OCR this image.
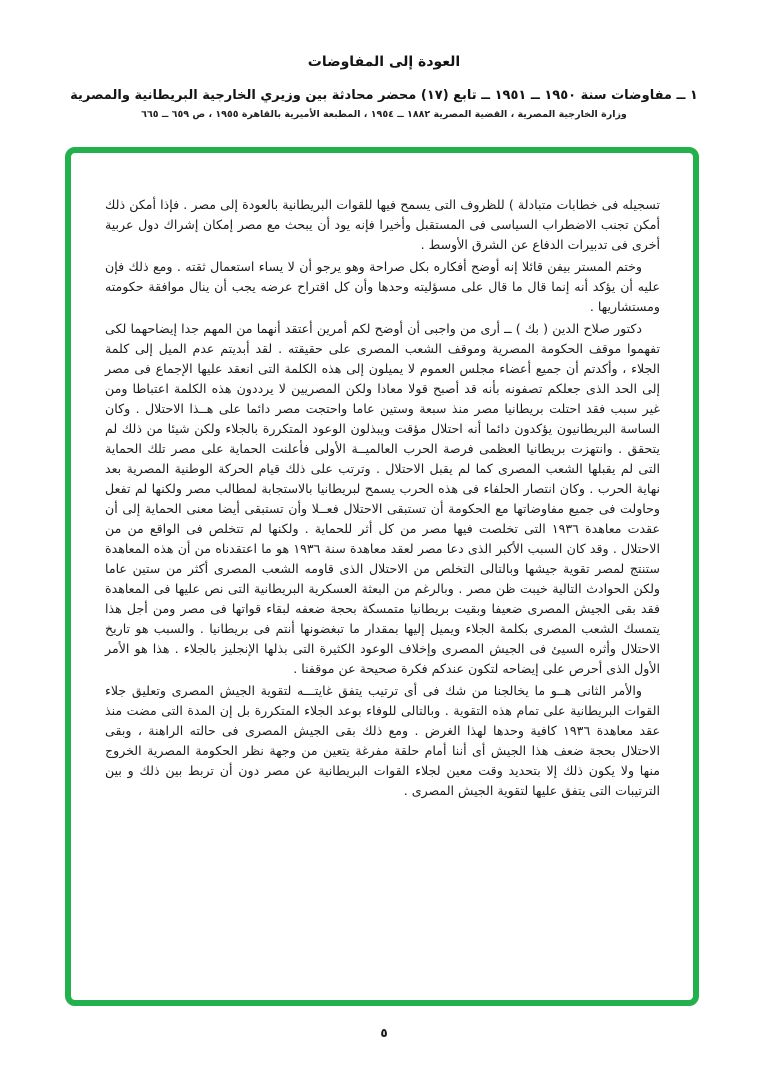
العودة إلى المفاوضات
١ ــ مفاوضات سنة ١٩٥٠ ــ ١٩٥١ ــ تابع (١٧) محضر محادثة بين وزيري الخارجية البريطانية والمصرية
وزارة الخارجية المصرية ، القضية المصرية ١٨٨٢ ــ ١٩٥٤ ، المطبعة الأميرية بالقاهرة ١٩٥٥ ، ص ٦٥٩ ــ ٦٦٥

تسجيله فى خطابات متبادلة ) للظروف التى يسمح فيها للقوات البريطانية بالعودة إلى مصر . فإذا أمكن ذلك أمكن تجنب الاضطراب السياسى فى المستقبل وأخيرا فإنه يود أن يبحث مع مصر إمكان إشراك دول عربية أخرى فى تدبيرات الدفاع عن الشرق الأوسط .

وختم المستر بيفن قائلا إنه أوضح أفكاره بكل صراحة وهو يرجو أن لا يساء استعمال ثقته . ومع ذلك فإن عليه أن يؤكد أنه إنما قال ما قال على مسؤليته وحدها وأن كل اقتراح عرضه يجب أن ينال موافقة حكومته ومستشاريها .

دكتور صلاح الدين ( بك ) ــ أرى من واجبى أن أوضح لكم أمرين أعتقد أنهما من المهم جدا إيضاحهما لكى تفهموا موقف الحكومة المصرية وموقف الشعب المصرى على حقيقته . لقد أبديتم عدم الميل إلى كلمة الجلاء ، وأكدتم أن جميع أعضاء مجلس العموم لا يميلون إلى هذه الكلمة التى انعقد عليها الإجماع فى مصر إلى الحد الذى جعلكم تصفونه بأنه قد أصبح قولا معادا ولكن المصريين لا يرددون هذه الكلمة اعتباطا ومن غير سبب فقد احتلت بريطانيا مصر منذ سبعة وستين عاما واحتجت مصر دائما على هــذا الاحتلال . وكان الساسة البريطانيون يؤكدون دائما أنه احتلال مؤقت ويبذلون الوعود المتكررة بالجلاء ولكن شيئا من ذلك لم يتحقق . وانتهزت بريطانيا العظمى فرصة الحرب العالميــة الأولى فأعلنت الحماية على مصر تلك الحماية التى لم يقبلها الشعب المصرى كما لم يقبل الاحتلال . وترتب على ذلك قيام الحركة الوطنية المصرية بعد نهاية الحرب . وكان انتصار الحلفاء فى هذه الحرب يسمح لبريطانيا بالاستجابة لمطالب مصر ولكنها لم تفعل وحاولت فى جميع مفاوضاتها مع الحكومة أن تستبقى الاحتلال فعــلا وأن تستبقى أيضا معنى الحماية إلى أن عقدت معاهدة ١٩٣٦ التى تخلصت فيها مصر من كل أثر للحماية . ولكنها لم تتخلص فى الواقع من من الاحتلال . وقد كان السبب الأكبر الذى دعا مصر لعقد معاهدة سنة ١٩٣٦ هو ما اعتقدناه من أن هذه المعاهدة ستنتج لمصر تقوية جيشها وبالتالى التخلص من الاحتلال الذى قاومه الشعب المصرى أكثر من ستين عاما ولكن الحوادث التالية خيبت ظن مصر . وبالرغم من البعثة العسكرية البريطانية التى نص عليها فى المعاهدة فقد بقى الجيش المصرى ضعيفا وبقيت بريطانيا متمسكة بحجة ضعفه لبقاء قواتها فى مصر ومن أجل هذا يتمسك الشعب المصرى بكلمة الجلاء ويميل إليها بمقدار ما تبغضونها أنتم فى بريطانيا . والسبب هو تاريخ الاحتلال وأثره السيئ فى الجيش المصرى وإخلاف الوعود الكثيرة التى بذلها الإنجليز بالجلاء . هذا هو الأمر الأول الذى أحرص على إيضاحه لتكون عندكم فكرة صحيحة عن موقفنا .

والأمر الثانى هــو ما يخالجنا من شك فى أى ترتيب يتفق غايتـــه لتقوية الجيش المصرى وتعليق جلاء القوات البريطانية على تمام هذه التقوية . وبالتالى للوفاء بوعد الجلاء المتكررة بل إن المدة التى مضت منذ عقد معاهدة ١٩٣٦ كافية وحدها لهذا الغرض . ومع ذلك بقى الجيش المصرى فى حالته الراهنة ، وبقى الاحتلال بحجة ضعف هذا الجيش أى أننا أمام حلقة مفرغة يتعين من وجهة نظر الحكومة المصرية الخروج منها ولا يكون ذلك إلا بتحديد وقت معين لجلاء القوات البريطانية عن مصر دون أن تربط بين ذلك و بين الترتيبات التى يتفق عليها لتقوية الجيش المصرى .

٥
